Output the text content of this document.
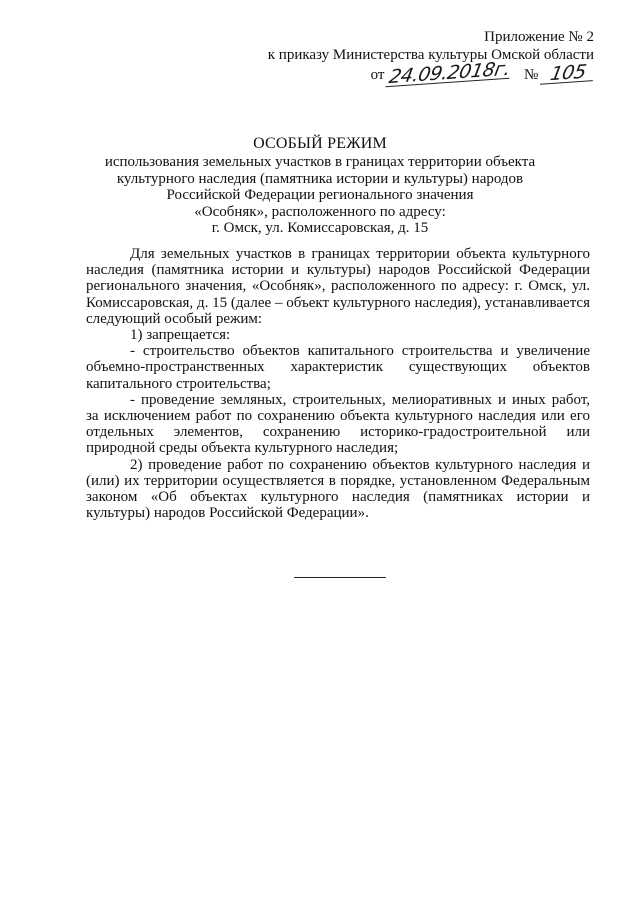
Приложение № 2
к приказу Министерства культуры Омской области
от 24.09.2018г. № 105
ОСОБЫЙ РЕЖИМ
использования земельных участков в границах территории объекта
культурного наследия (памятника истории и культуры) народов
Российской Федерации регионального значения
«Особняк», расположенного по адресу:
г. Омск, ул. Комиссаровская, д. 15

Для земельных участков в границах территории объекта культурного наследия (памятника истории и культуры) народов Российской Федерации регионального значения, «Особняк», расположенного по адресу: г. Омск, ул. Комиссаровская, д. 15 (далее – объект культурного наследия), устанавливается следующий особый режим:

1) запрещается:

- строительство объектов капитального строительства и увеличение объемно-пространственных характеристик существующих объектов капитального строительства;

- проведение земляных, строительных, мелиоративных и иных работ, за исключением работ по сохранению объекта культурного наследия или его отдельных элементов, сохранению историко-градостроительной или природной среды объекта культурного наследия;

2) проведение работ по сохранению объектов культурного наследия и (или) их территории осуществляется в порядке, установленном Федеральным законом «Об объектах культурного наследия (памятниках истории и культуры) народов Российской Федерации».
